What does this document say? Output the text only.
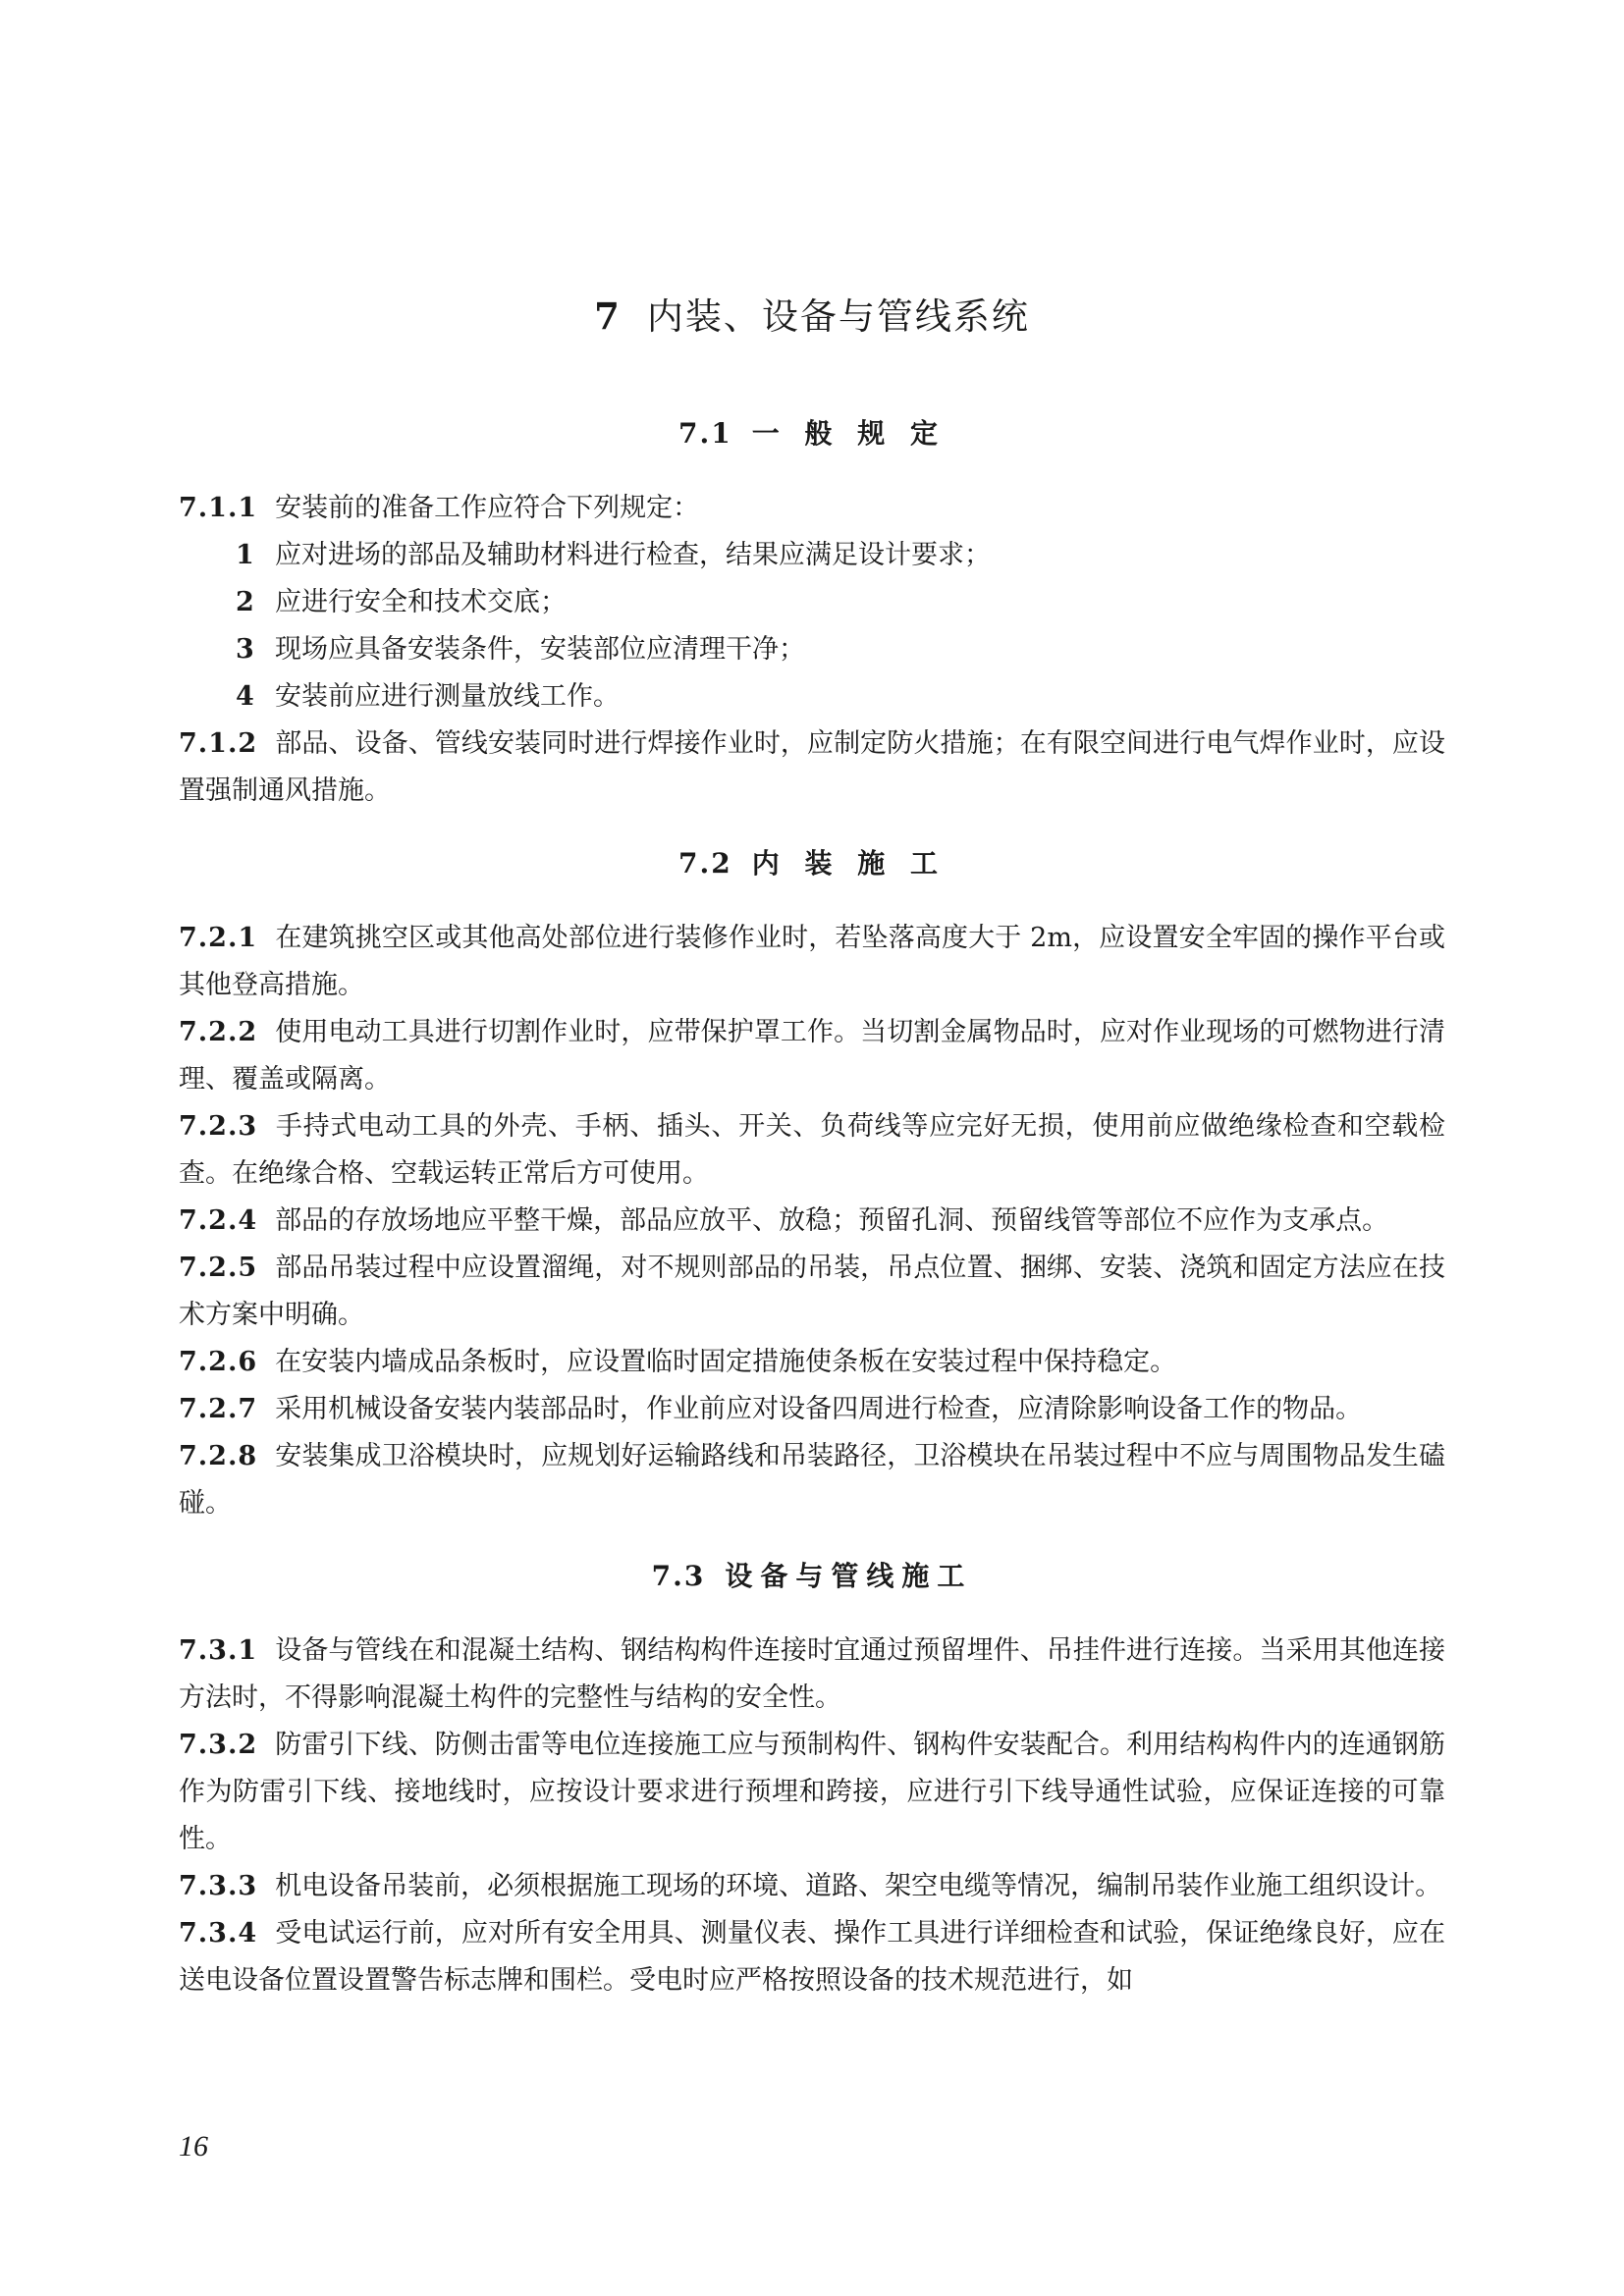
7 内装、设备与管线系统
7.1 一 般 规 定

7.1.1 安装前的准备工作应符合下列规定：

1 应对进场的部品及辅助材料进行检查，结果应满足设计要求；

2 应进行安全和技术交底；

3 现场应具备安装条件，安装部位应清理干净；

4 安装前应进行测量放线工作。

7.1.2 部品、设备、管线安装同时进行焊接作业时，应制定防火措施；在有限空间进行电气焊作业时，应设置强制通风措施。

7.2 内 装 施 工

7.2.1 在建筑挑空区或其他高处部位进行装修作业时，若坠落高度大于 2m，应设置安全牢固的操作平台或其他登高措施。

7.2.2 使用电动工具进行切割作业时，应带保护罩工作。当切割金属物品时，应对作业现场的可燃物进行清理、覆盖或隔离。

7.2.3 手持式电动工具的外壳、手柄、插头、开关、负荷线等应完好无损，使用前应做绝缘检查和空载检查。在绝缘合格、空载运转正常后方可使用。

7.2.4 部品的存放场地应平整干燥，部品应放平、放稳；预留孔洞、预留线管等部位不应作为支承点。

7.2.5 部品吊装过程中应设置溜绳，对不规则部品的吊装，吊点位置、捆绑、安装、浇筑和固定方法应在技术方案中明确。

7.2.6 在安装内墙成品条板时，应设置临时固定措施使条板在安装过程中保持稳定。

7.2.7 采用机械设备安装内装部品时，作业前应对设备四周进行检查，应清除影响设备工作的物品。

7.2.8 安装集成卫浴模块时，应规划好运输路线和吊装路径，卫浴模块在吊装过程中不应与周围物品发生磕碰。

7.3 设备与管线施工

7.3.1 设备与管线在和混凝土结构、钢结构构件连接时宜通过预留埋件、吊挂件进行连接。当采用其他连接方法时，不得影响混凝土构件的完整性与结构的安全性。

7.3.2 防雷引下线、防侧击雷等电位连接施工应与预制构件、钢构件安装配合。利用结构构件内的连通钢筋作为防雷引下线、接地线时，应按设计要求进行预埋和跨接，应进行引下线导通性试验，应保证连接的可靠性。

7.3.3 机电设备吊装前，必须根据施工现场的环境、道路、架空电缆等情况，编制吊装作业施工组织设计。

7.3.4 受电试运行前，应对所有安全用具、测量仪表、操作工具进行详细检查和试验，保证绝缘良好，应在送电设备位置设置警告标志牌和围栏。受电时应严格按照设备的技术规范进行，如

16
